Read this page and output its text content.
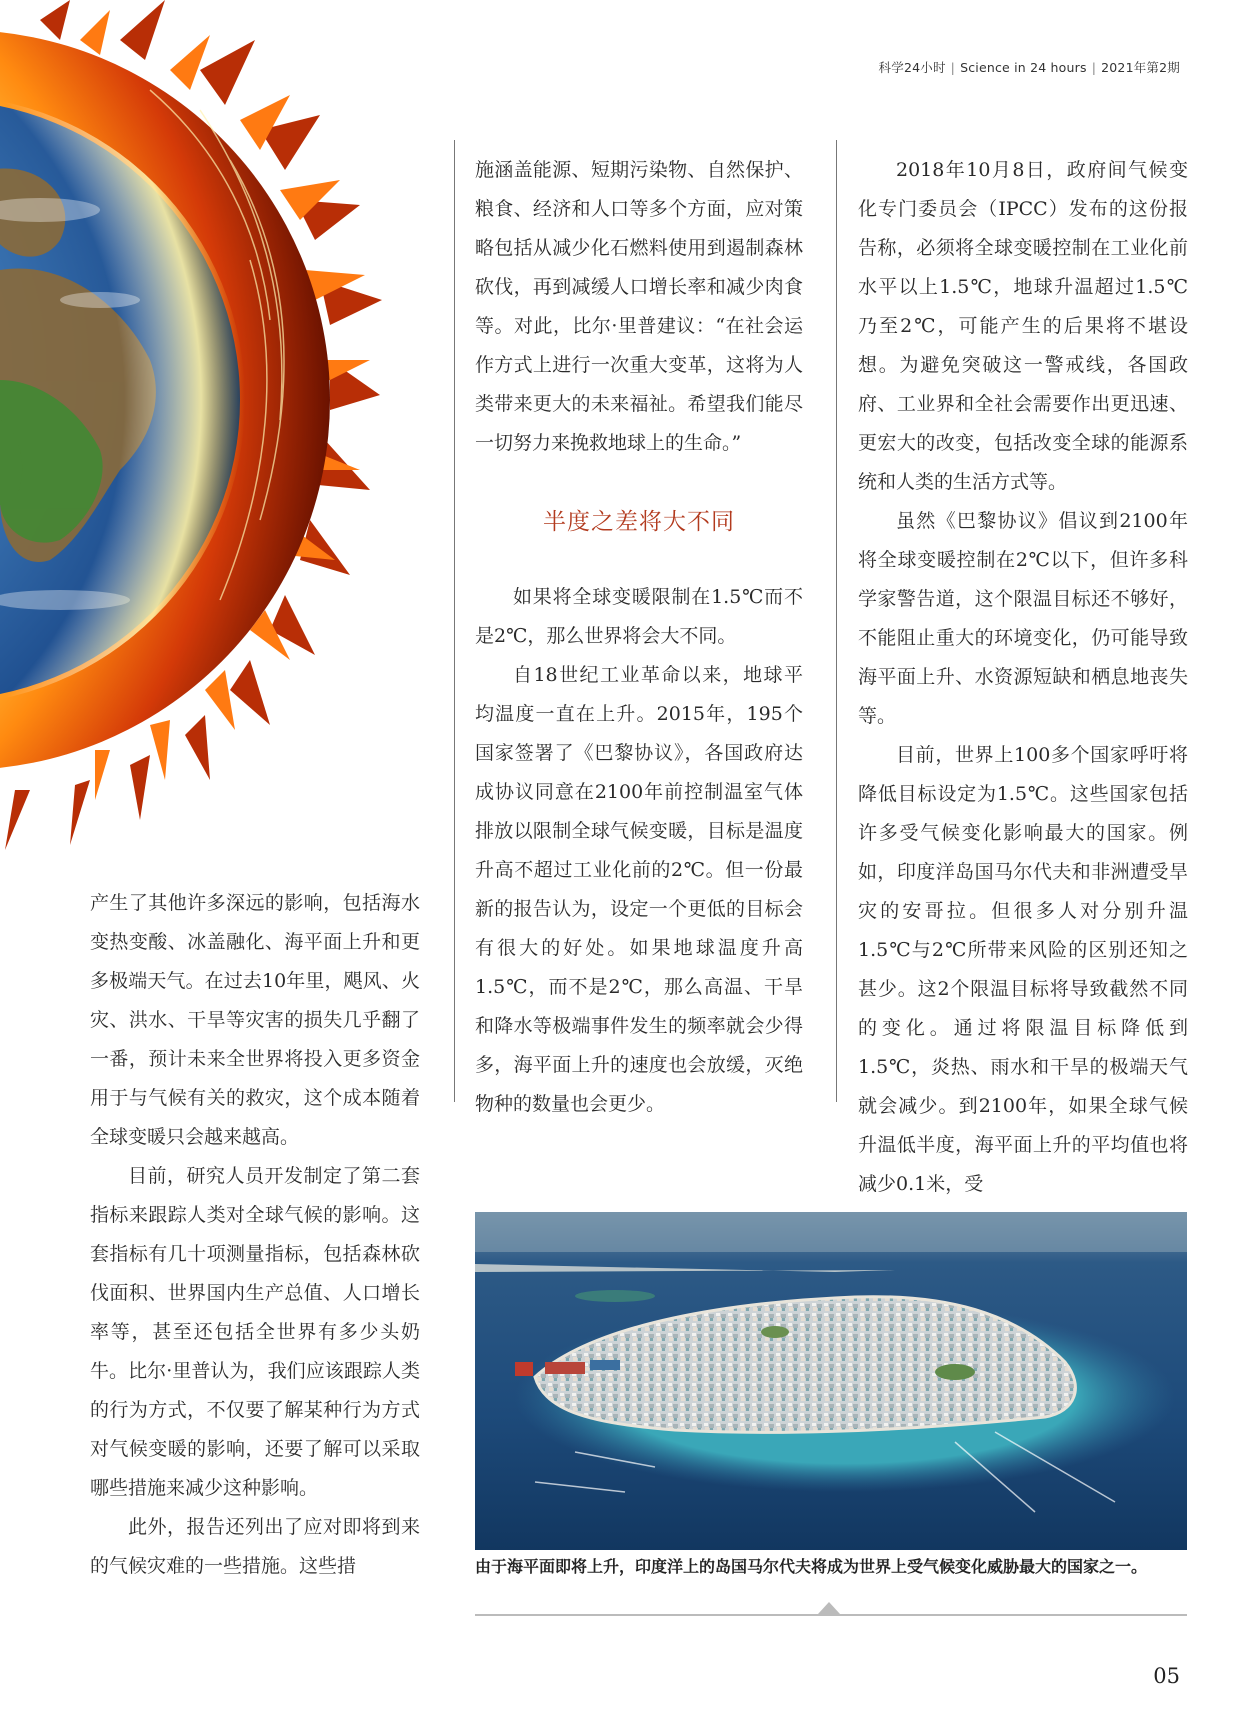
科学24小时 | Science in 24 hours | 2021年第2期

施涵盖能源、短期污染物、自然保护、粮食、经济和人口等多个方面，应对策略包括从减少化石燃料使用到遏制森林砍伐，再到减缓人口增长率和减少肉食等。对此，比尔·里普建议：“在社会运作方式上进行一次重大变革，这将为人类带来更大的未来福祉。希望我们能尽一切努力来挽救地球上的生命。”

半度之差将大不同

如果将全球变暖限制在1.5℃而不是2℃，那么世界将会大不同。

自18世纪工业革命以来，地球平均温度一直在上升。2015年，195个国家签署了《巴黎协议》，各国政府达成协议同意在2100年前控制温室气体排放以限制全球气候变暖，目标是温度升高不超过工业化前的2℃。但一份最新的报告认为，设定一个更低的目标会有很大的好处。如果地球温度升高1.5℃，而不是2℃，那么高温、干旱和降水等极端事件发生的频率就会少得多，海平面上升的速度也会放缓，灭绝物种的数量也会更少。

2018年10月8日，政府间气候变化专门委员会（IPCC）发布的这份报告称，必须将全球变暖控制在工业化前水平以上1.5℃，地球升温超过1.5℃乃至2℃，可能产生的后果将不堪设想。为避免突破这一警戒线，各国政府、工业界和全社会需要作出更迅速、更宏大的改变，包括改变全球的能源系统和人类的生活方式等。

虽然《巴黎协议》倡议到2100年将全球变暖控制在2℃以下，但许多科学家警告道，这个限温目标还不够好，不能阻止重大的环境变化，仍可能导致海平面上升、水资源短缺和栖息地丧失等。

目前，世界上100多个国家呼吁将降低目标设定为1.5℃。这些国家包括许多受气候变化影响最大的国家。例如，印度洋岛国马尔代夫和非洲遭受旱灾的安哥拉。但很多人对分别升温1.5℃与2℃所带来风险的区别还知之甚少。这2个限温目标将导致截然不同的变化。通过将限温目标降低到1.5℃，炎热、雨水和干旱的极端天气就会减少。到2100年，如果全球气候升温低半度，海平面上升的平均值也将减少0.1米，受

产生了其他许多深远的影响，包括海水变热变酸、冰盖融化、海平面上升和更多极端天气。在过去10年里，飓风、火灾、洪水、干旱等灾害的损失几乎翻了一番，预计未来全世界将投入更多资金用于与气候有关的救灾，这个成本随着全球变暖只会越来越高。

目前，研究人员开发制定了第二套指标来跟踪人类对全球气候的影响。这套指标有几十项测量指标，包括森林砍伐面积、世界国内生产总值、人口增长率等，甚至还包括全世界有多少头奶牛。比尔·里普认为，我们应该跟踪人类的行为方式，不仅要了解某种行为方式对气候变暖的影响，还要了解可以采取哪些措施来减少这种影响。

此外，报告还列出了应对即将到来的气候灾难的一些措施。这些措	由于海平面即将上升，印度洋上的岛国马尔代夫将成为世界上受气候变化威胁最大的国家之一。
05
